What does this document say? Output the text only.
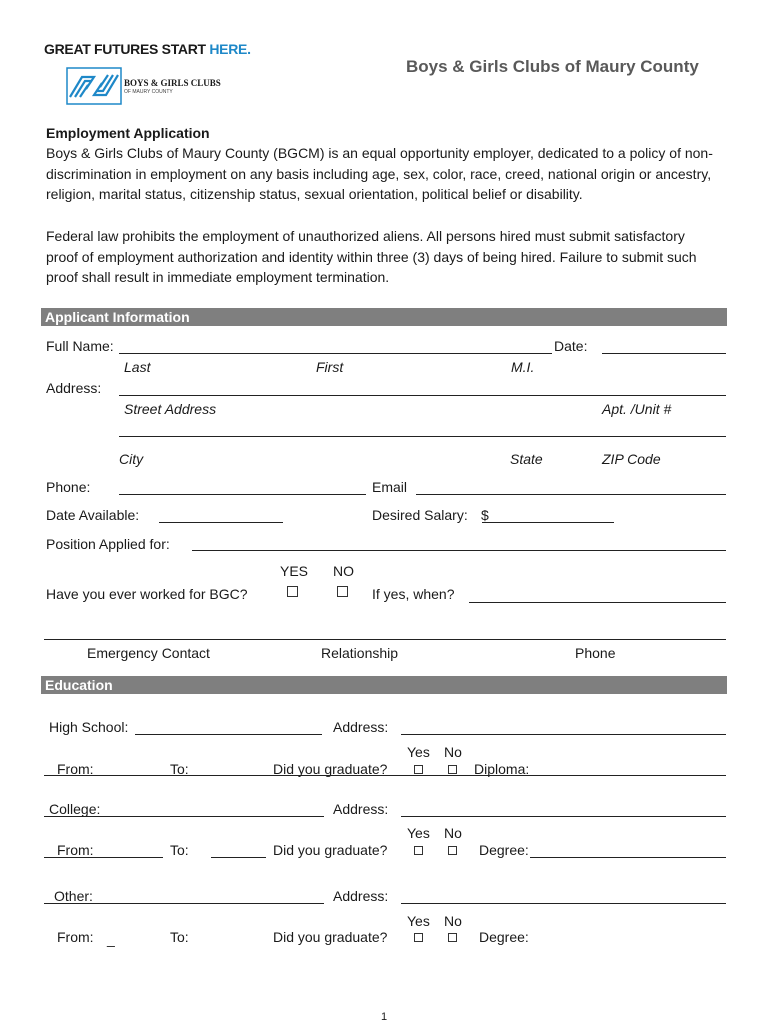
GREAT FUTURES START HERE.
BOYS & GIRLS CLUBS
OF MAURY COUNTY
Boys & Girls Clubs of Maury County
Employment Application
Boys & Girls Clubs of Maury County (BGCM) is an equal opportunity employer, dedicated to a policy of non-discrimination in employment on any basis including age, sex, color, race, creed, national origin or ancestry, religion, marital status, citizenship status, sexual orientation, political belief or disability.
Federal law prohibits the employment of unauthorized aliens. All persons hired must submit satisfactory proof of employment authorization and identity within three (3) days of being hired. Failure to submit such proof shall result in immediate employment termination.
Applicant Information
Full Name:	Date:
Last	First	M.I.
Address:
Street Address	Apt. /Unit #
City	State	ZIP Code
Phone:	Email
Date Available:	Desired Salary: $
Position Applied for:
YES NO
Have you ever worked for BGC?	If yes, when?
Emergency Contact	Relationship	Phone
Education
High School:	Address:
Yes No
From:	To:	Did you graduate?	Diploma:
College:	Address:
Yes No
From:	To:	Did you graduate?	Degree:
Other:	Address:
Yes No
From: _	To:	Did you graduate?	Degree:
1
